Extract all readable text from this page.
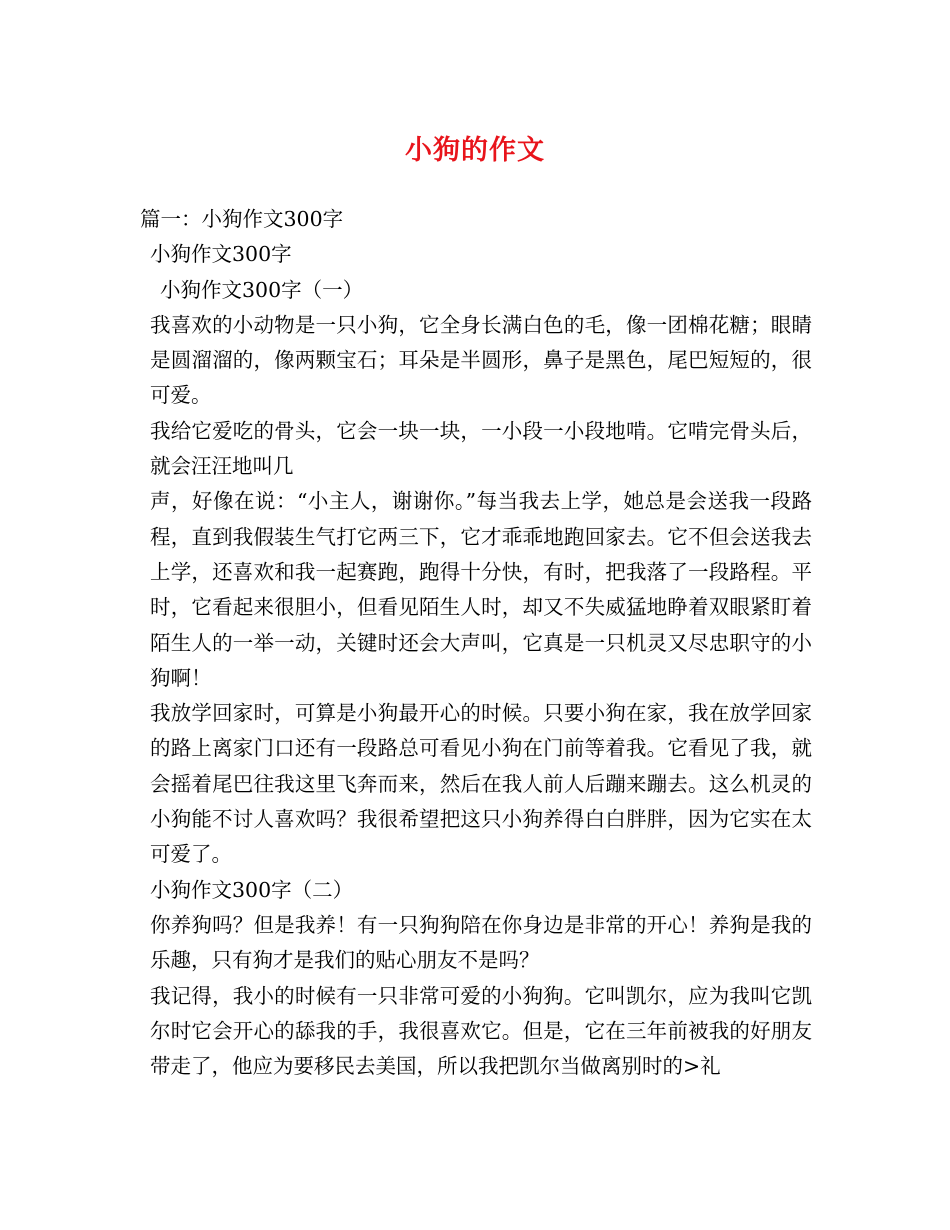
小狗的作文

篇一：小狗作文300字

小狗作文300字

小狗作文300字（一）

我喜欢的小动物是一只小狗，它全身长满白色的毛，像一团棉花糖；眼睛是圆溜溜的，像两颗宝石；耳朵是半圆形，鼻子是黑色，尾巴短短的，很可爱。

我给它爱吃的骨头，它会一块一块，一小段一小段地啃。它啃完骨头后，就会汪汪地叫几

声，好像在说：“小主人，谢谢你。”每当我去上学，她总是会送我一段路程，直到我假装生气打它两三下，它才乖乖地跑回家去。它不但会送我去上学，还喜欢和我一起赛跑，跑得十分快，有时，把我落了一段路程。平时，它看起来很胆小，但看见陌生人时，却又不失威猛地睁着双眼紧盯着陌生人的一举一动，关键时还会大声叫，它真是一只机灵又尽忠职守的小狗啊！

我放学回家时，可算是小狗最开心的时候。只要小狗在家，我在放学回家的路上离家门口还有一段路总可看见小狗在门前等着我。它看见了我，就会摇着尾巴往我这里飞奔而来，然后在我人前人后蹦来蹦去。这么机灵的小狗能不讨人喜欢吗？我很希望把这只小狗养得白白胖胖，因为它实在太可爱了。

小狗作文300字（二）

你养狗吗？但是我养！有一只狗狗陪在你身边是非常的开心！养狗是我的乐趣，只有狗才是我们的贴心朋友不是吗？

我记得，我小的时候有一只非常可爱的小狗狗。它叫凯尔，应为我叫它凯尔时它会开心的舔我的手，我很喜欢它。但是，它在三年前被我的好朋友带走了，他应为要移民去美国，所以我把凯尔当做离别时的>礼
